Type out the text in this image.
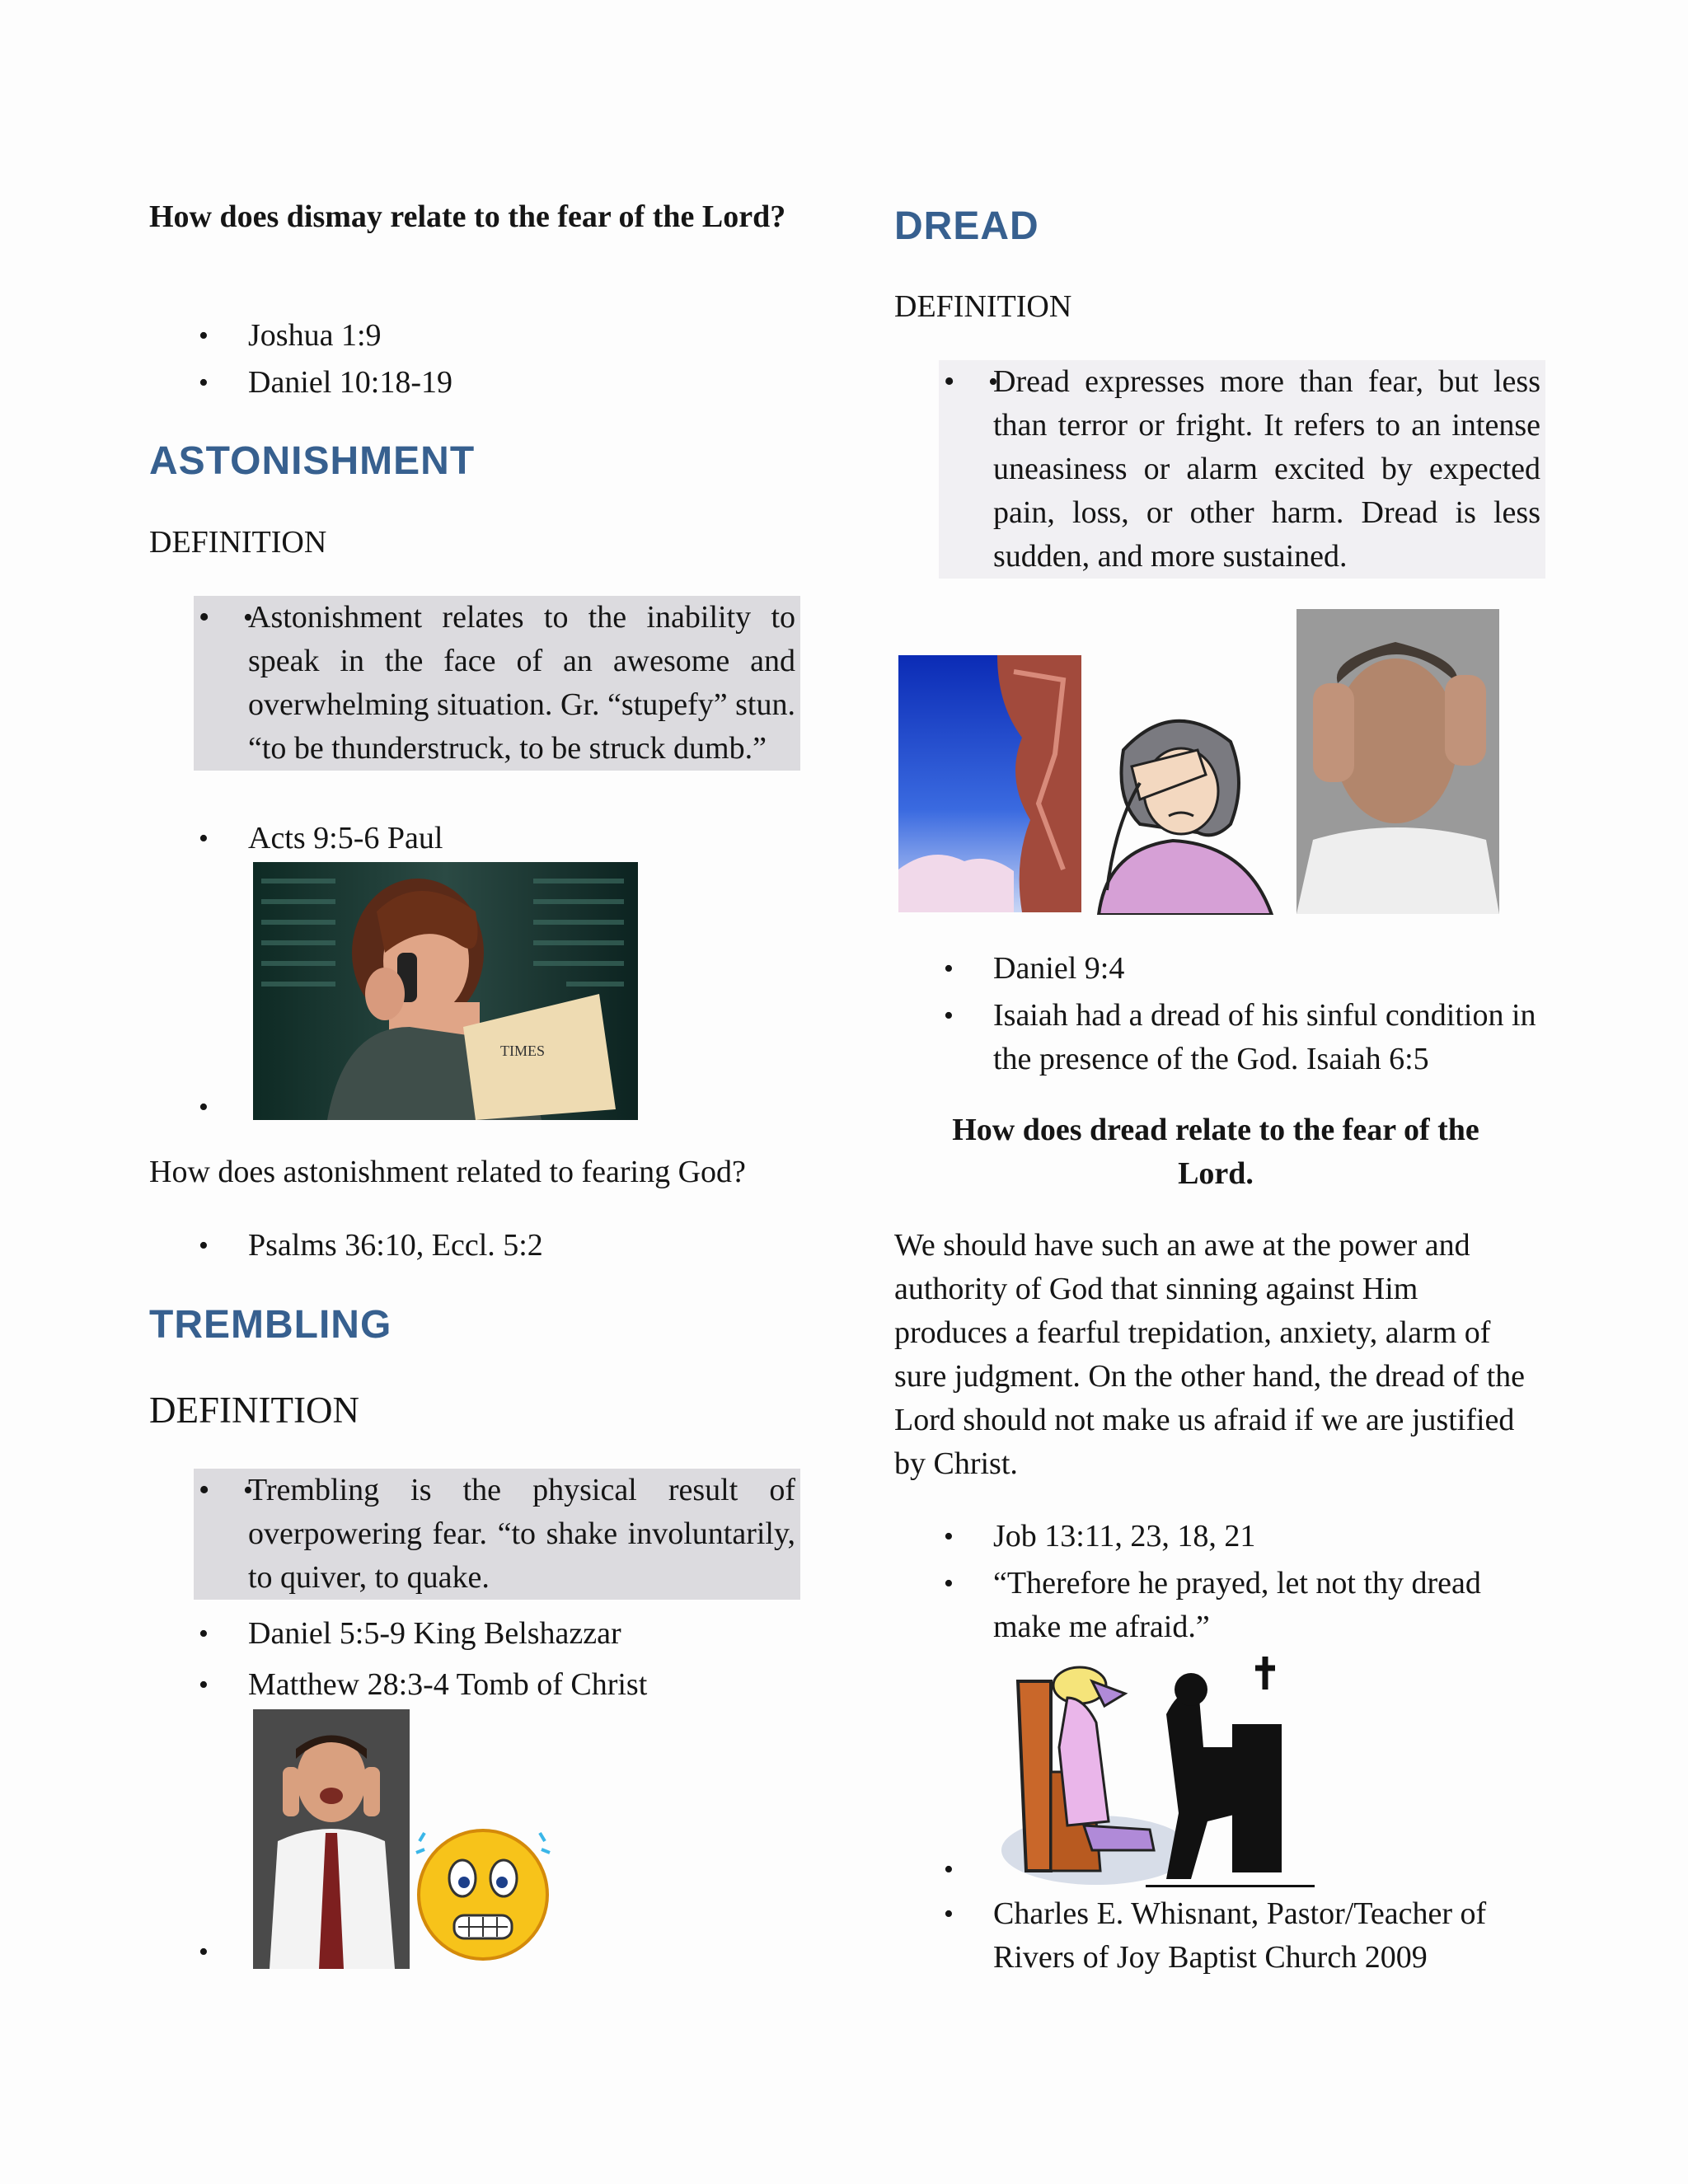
How does dismay relate to the fear of the Lord?
• Joshua 1:9
• Daniel 10:18-19
ASTONISHMENT
DEFINITION
• • Astonishment relates to the inability to speak in the face of an awesome and overwhelming situation. Gr. “stupefy” stun. “to be thunderstruck, to be struck dumb.”
• Acts 9:5-6 Paul
TIMES
•
How does astonishment related to fearing God?
• Psalms 36:10, Eccl. 5:2
TREMBLING
DEFINITION
• • Trembling is the physical result of overpowering fear. “to shake involuntarily, to quiver, to quake.
• Daniel 5:5-9 King Belshazzar
• Matthew 28:3-4 Tomb of Christ
•
DREAD
DEFINITION
• • Dread expresses more than fear, but less than terror or fright. It refers to an intense uneasiness or alarm excited by expected pain, loss, or other harm. Dread is less sudden, and more sustained.
• Daniel 9:4
• Isaiah had a dread of his sinful condition in the presence of the God. Isaiah 6:5
How does dread relate to the fear of the Lord.
We should have such an awe at the power and authority of God that sinning against Him produces a fearful trepidation, anxiety, alarm of sure judgment. On the other hand, the dread of the Lord should not make us afraid if we are justified by Christ.
• Job 13:11, 23, 18, 21
• “Therefore he prayed, let not thy dread make me afraid.”
•
• Charles E. Whisnant, Pastor/Teacher of Rivers of Joy Baptist Church 2009
